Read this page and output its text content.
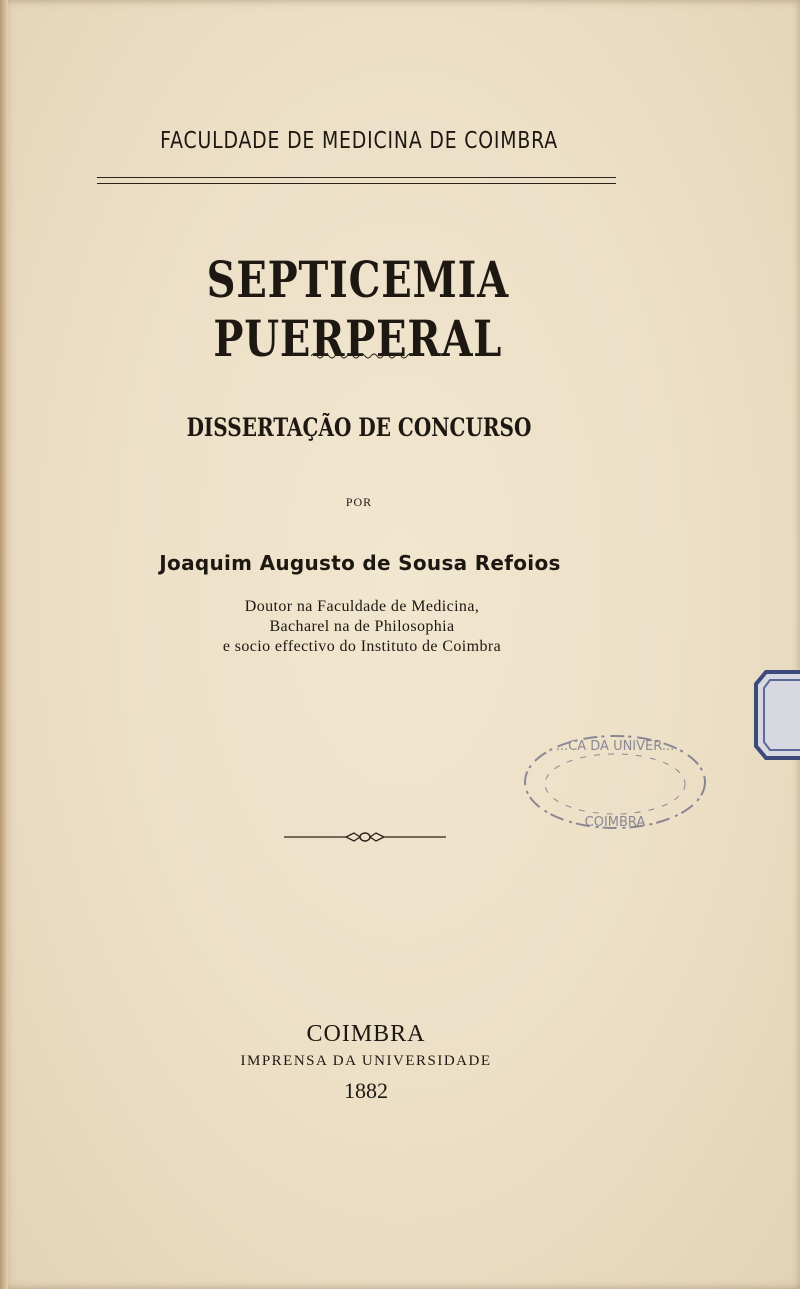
FACULDADE DE MEDICINA DE COIMBRA
SEPTICEMIA PUERPERAL
DISSERTAÇÃO DE CONCURSO
POR
Joaquim Augusto de Sousa Refoios
Doutor na Faculdade de Medicina,
Bacharel na de Philosophia
e socio effectivo do Instituto de Coimbra
...CA DA UNIVER...
COIMBRA
COIMBRA
IMPRENSA DA UNIVERSIDADE
1882
